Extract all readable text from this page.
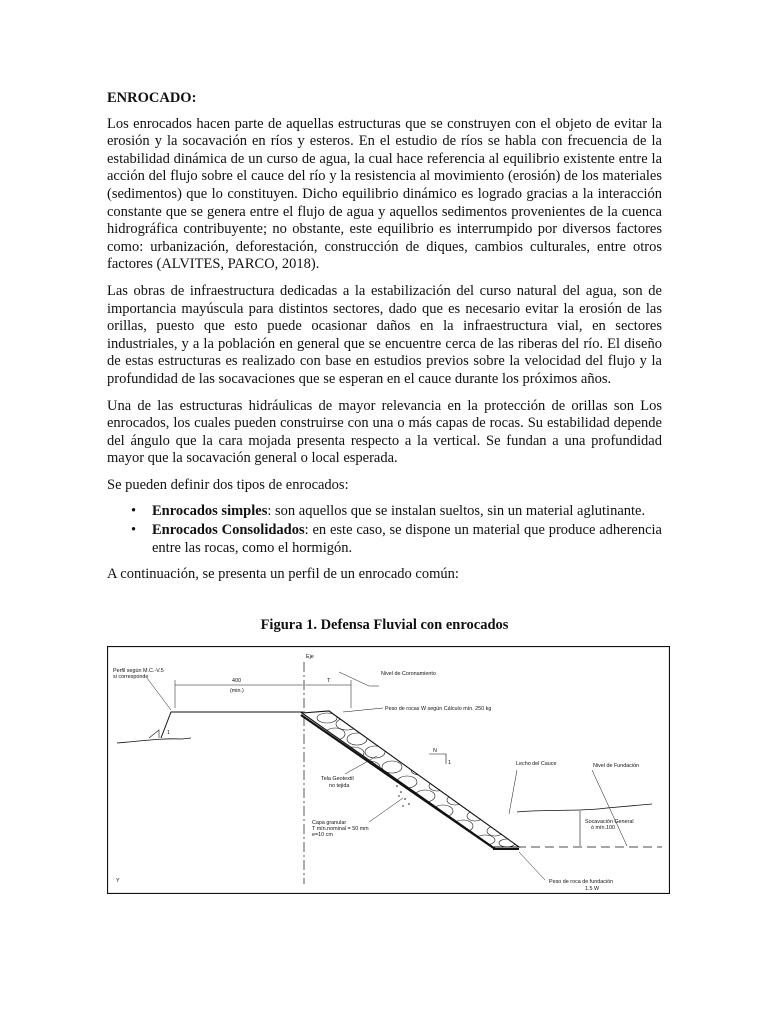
ENROCADO:

Los enrocados hacen parte de aquellas estructuras que se construyen con el objeto de evitar la erosión y la socavación en ríos y esteros. En el estudio de ríos se habla con frecuencia de la estabilidad dinámica de un curso de agua, la cual hace referencia al equilibrio existente entre la acción del flujo sobre el cauce del río y la resistencia al movimiento (erosión) de los materiales (sedimentos) que lo constituyen. Dicho equilibrio dinámico es logrado gracias a la interacción constante que se genera entre el flujo de agua y aquellos sedimentos provenientes de la cuenca hidrográfica contribuyente; no obstante, este equilibrio es interrumpido por diversos factores como: urbanización, deforestación, construcción de diques, cambios culturales, entre otros factores (ALVITES, PARCO, 2018).

Las obras de infraestructura dedicadas a la estabilización del curso natural del agua, son de importancia mayúscula para distintos sectores, dado que es necesario evitar la erosión de las orillas, puesto que esto puede ocasionar daños en la infraestructura vial, en sectores industriales, y a la población en general que se encuentre cerca de las riberas del río. El diseño de estas estructuras es realizado con base en estudios previos sobre la velocidad del flujo y la profundidad de las socavaciones que se esperan en el cauce durante los próximos años.

Una de las estructuras hidráulicas de mayor relevancia en la protección de orillas son Los enrocados, los cuales pueden construirse con una o más capas de rocas. Su estabilidad depende del ángulo que la cara mojada presenta respecto a la vertical. Se fundan a una profundidad mayor que la socavación general o local esperada.

Se pueden definir dos tipos de enrocados:

• Enrocados simples: son aquellos que se instalan sueltos, sin un material aglutinante.
• Enrocados Consolidados: en este caso, se dispone un material que produce adherencia entre las rocas, como el hormigón.

A continuación, se presenta un perfil de un enrocado común:

Figura 1. Defensa Fluvial con enrocados
Eje
Perfil según M.C.-V.5
si corresponde
400
(min.)
T
Nivel de Coronamiento
Peso de rocas W según Cálculo mín. 250 kg
N
1
1
Lecho del Cauce	Nivel de Fundación
Tela Geotextil
no tejida
Socavación General
ó mín.100
Capa granular
T mín.nominal = 50 mm
e=10 cm
Peso de roca de fundación
1.5 W
Y
